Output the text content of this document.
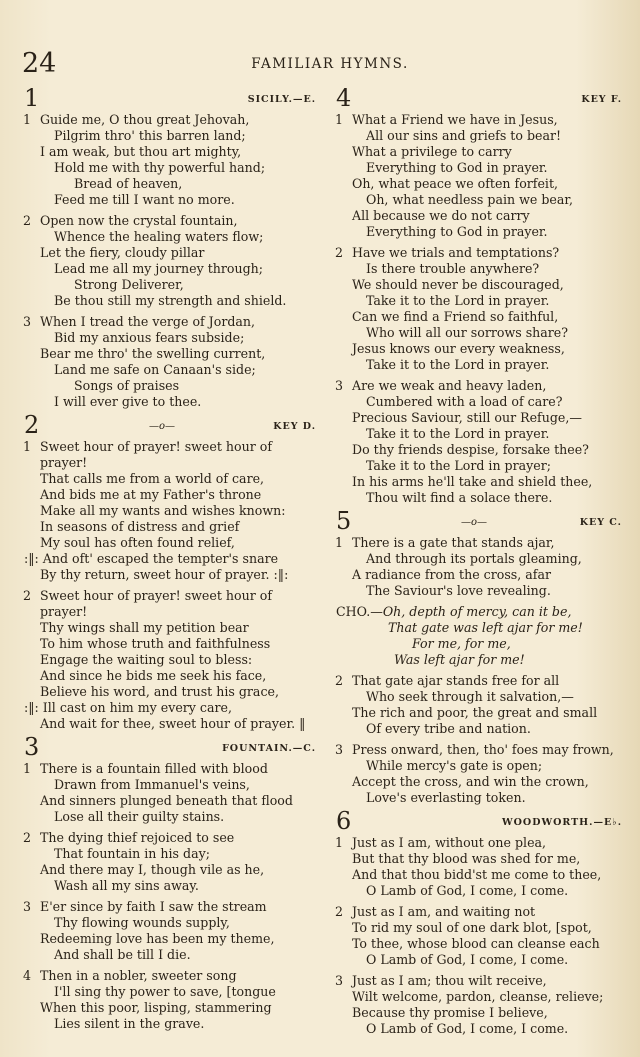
24	FAMILIAR HYMNS.
1	SICILY.—E.
1 Guide me, O thou great Jehovah,
Pilgrim thro' this barren land;
I am weak, but thou art mighty,
Hold me with thy powerful hand;
Bread of heaven,
Feed me till I want no more.
2 Open now the crystal fountain,
Whence the healing waters flow;
Let the fiery, cloudy pillar
Lead me all my journey through;
Strong Deliverer,
Be thou still my strength and shield.
3 When I tread the verge of Jordan,
Bid my anxious fears subside;
Bear me thro' the swelling current,
Land me safe on Canaan's side;
Songs of praises
I will ever give to thee.
2	—o—	KEY D.
1 Sweet hour of prayer! sweet hour of
prayer!
That calls me from a world of care,
And bids me at my Father's throne
Make all my wants and wishes known:
In seasons of distress and grief
My soul has often found relief,
:‖: And oft' escaped the tempter's snare
By thy return, sweet hour of prayer. :‖:
2 Sweet hour of prayer! sweet hour of
prayer!
Thy wings shall my petition bear
To him whose truth and faithfulness
Engage the waiting soul to bless:
And since he bids me seek his face,
Believe his word, and trust his grace,
:‖: Ill cast on him my every care,
And wait for thee, sweet hour of prayer. ‖
3	FOUNTAIN.—C.
1 There is a fountain filled with blood
Drawn from Immanuel's veins,
And sinners plunged beneath that flood
Lose all their guilty stains.
2 The dying thief rejoiced to see
That fountain in his day;
And there may I, though vile as he,
Wash all my sins away.
3 E'er since by faith I saw the stream
Thy flowing wounds supply,
Redeeming love has been my theme,
And shall be till I die.
4 Then in a nobler, sweeter song
I'll sing thy power to save, [tongue
When this poor, lisping, stammering
Lies silent in the grave.
4	KEY F.
1 What a Friend we have in Jesus,
All our sins and griefs to bear!
What a privilege to carry
Everything to God in prayer.
Oh, what peace we often forfeit,
Oh, what needless pain we bear,
All because we do not carry
Everything to God in prayer.
2 Have we trials and temptations?
Is there trouble anywhere?
We should never be discouraged,
Take it to the Lord in prayer.
Can we find a Friend so faithful,
Who will all our sorrows share?
Jesus knows our every weakness,
Take it to the Lord in prayer.
3 Are we weak and heavy laden,
Cumbered with a load of care?
Precious Saviour, still our Refuge,—
Take it to the Lord in prayer.
Do thy friends despise, forsake thee?
Take it to the Lord in prayer;
In his arms he'll take and shield thee,
Thou wilt find a solace there.
5	—o—	KEY C.
1 There is a gate that stands ajar,
And through its portals gleaming,
A radiance from the cross, afar
The Saviour's love revealing.
CHO.—Oh, depth of mercy, can it be,
That gate was left ajar for me!
For me, for me,
Was left ajar for me!
2 That gate ajar stands free for all
Who seek through it salvation,—
The rich and poor, the great and small
Of every tribe and nation.
3 Press onward, then, tho' foes may frown,
While mercy's gate is open;
Accept the cross, and win the crown,
Love's everlasting token.
6	WOODWORTH.—E♭.
1 Just as I am, without one plea,
But that thy blood was shed for me,
And that thou bidd'st me come to thee,
O Lamb of God, I come, I come.
2 Just as I am, and waiting not
To rid my soul of one dark blot, [spot,
To thee, whose blood can cleanse each
O Lamb of God, I come, I come.
3 Just as I am; thou wilt receive,
Wilt welcome, pardon, cleanse, relieve;
Because thy promise I believe,
O Lamb of God, I come, I come.
